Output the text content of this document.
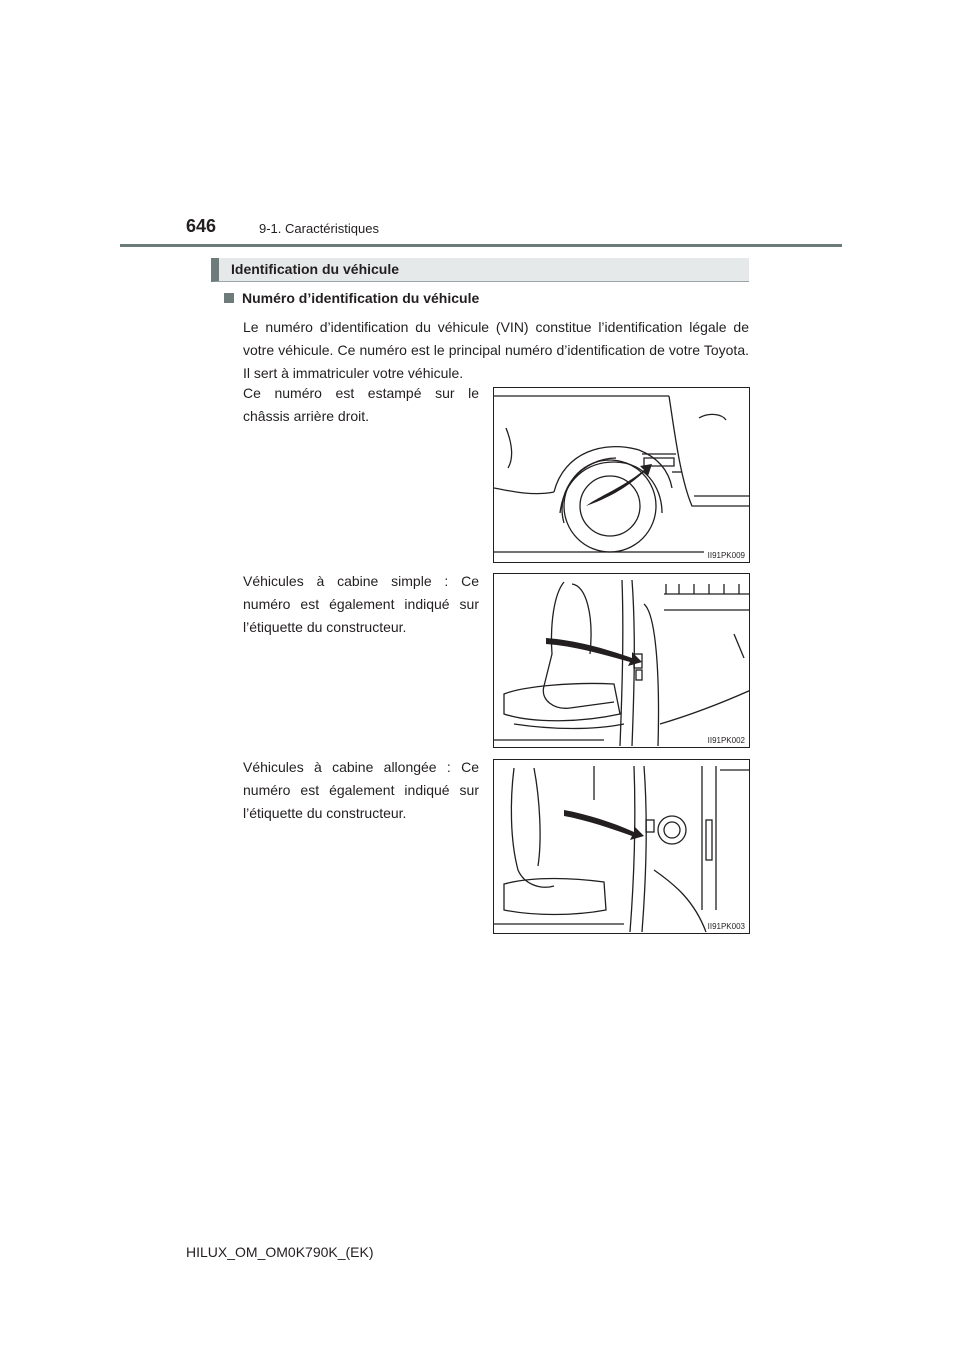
646	9-1. Caractéristiques
Identification du véhicule
Numéro d’identification du véhicule

Le numéro d’identification du véhicule (VIN) constitue l’identification légale de votre véhicule. Ce numéro est le principal numéro d’identification de votre Toyota. Il sert à immatriculer votre véhicule.

Ce numéro est estampé sur le châssis arrière droit.

Véhicules à cabine simple : Ce numéro est également indiqué sur l’étiquette du constructeur.

Véhicules à cabine allongée : Ce numéro est également indiqué sur l’étiquette du constructeur.

II91PK009
II91PK002
II91PK003
HILUX_OM_OM0K790K_(EK)
